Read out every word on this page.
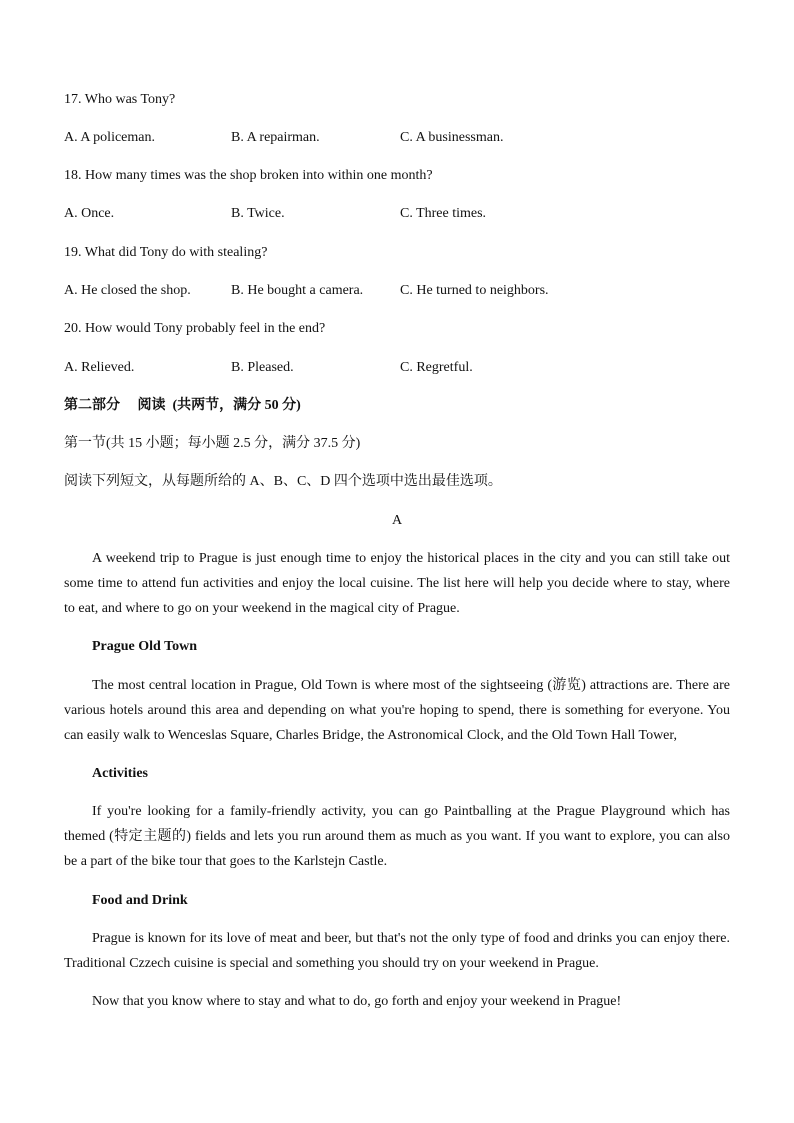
17. Who was Tony?
A. A policeman.	B. A repairman.	C. A businessman.
18. How many times was the shop broken into within one month?
A. Once.	B. Twice.	C. Three times.
19. What did Tony do with stealing?
A. He closed the shop.	B. He bought a camera.	C. He turned to neighbors.
20. How would Tony probably feel in the end?
A. Relieved.	B. Pleased.	C. Regretful.
第二部分　 阅读  (共两节，满分 50 分)
第一节(共 15 小题；每小题 2.5 分，满分 37.5 分)
阅读下列短文，从每题所给的 A、B、C、D 四个选项中选出最佳选项。
A
A weekend trip to Prague is just enough time to enjoy the historical places in the city and you can still take out
some time to attend fun activities and enjoy the local cuisine. The list here will help you decide where to stay, where
to eat, and where to go on your weekend in the magical city of Prague.
Prague Old Town
The most central location in Prague, Old Town is where most of the sightseeing (游览) attractions are. There are
various hotels around this area and depending on what you're hoping to spend, there is something for everyone. You
can easily walk to Wenceslas Square, Charles Bridge, the Astronomical Clock, and the Old Town Hall Tower,
Activities
If you're looking for a family-friendly activity, you can go Paintballing at the Prague Playground which has
themed (特定主题的) fields and lets you run around them as much as you want. If you want to explore, you can also
be a part of the bike tour that goes to the Karlstejn Castle.
Food and Drink
Prague is known for its love of meat and beer, but that's not the only type of food and drinks you can enjoy there.
Traditional Czzech cuisine is special and something you should try on your weekend in Prague.
Now that you know where to stay and what to do, go forth and enjoy your weekend in Prague!
